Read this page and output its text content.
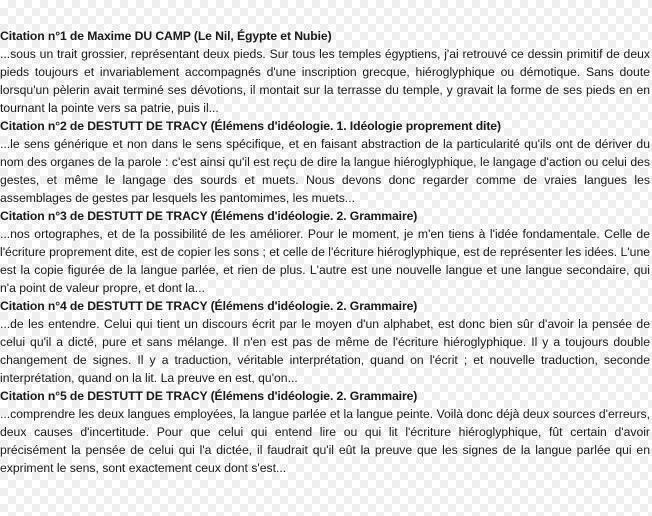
Citation n°1 de Maxime DU CAMP (Le Nil, Égypte et Nubie)
...sous un trait grossier, représentant deux pieds. Sur tous les temples égyptiens, j'ai retrouvé ce dessin primitif de deux pieds toujours et invariablement accompagnés d'une inscription grecque, hiéroglyphique ou démotique. Sans doute lorsqu'un pèlerin avait terminé ses dévotions, il montait sur la terrasse du temple, y gravait la forme de ses pieds en en tournant la pointe vers sa patrie, puis il...
Citation n°2 de DESTUTT DE TRACY (Élémens d'idéologie. 1. Idéologie proprement dite)
...le sens générique et non dans le sens spécifique, et en faisant abstraction de la particularité qu'ils ont de dériver du nom des organes de la parole : c'est ainsi qu'il est reçu de dire la langue hiéroglyphique, le langage d'action ou celui des gestes, et même le langage des sourds et muets. Nous devons donc regarder comme de vraies langues les assemblages de gestes par lesquels les pantomimes, les muets...
Citation n°3 de DESTUTT DE TRACY (Élémens d'idéologie. 2. Grammaire)
...nos ortographes, et de la possibilité de les améliorer. Pour le moment, je m'en tiens à l'idée fondamentale. Celle de l'écriture proprement dite, est de copier les sons ; et celle de l'écriture hiéroglyphique, est de représenter les idées. L'une est la copie figurée de la langue parlée, et rien de plus. L'autre est une nouvelle langue et une langue secondaire, qui n'a point de valeur propre, et dont la...
Citation n°4 de DESTUTT DE TRACY (Élémens d'idéologie. 2. Grammaire)
...de les entendre. Celui qui tient un discours écrit par le moyen d'un alphabet, est donc bien sûr d'avoir la pensée de celui qu'il a dicté, pure et sans mélange. Il n'en est pas de même de l'écriture hiéroglyphique. Il y a toujours double changement de signes. Il y a traduction, véritable interprétation, quand on l'écrit ; et nouvelle traduction, seconde interprétation, quand on la lit. La preuve en est, qu'on...
Citation n°5 de DESTUTT DE TRACY (Élémens d'idéologie. 2. Grammaire)
...comprendre les deux langues employées, la langue parlée et la langue peinte. Voilà donc déjà deux sources d'erreurs, deux causes d'incertitude. Pour que celui qui entend lire ou qui lit l'écriture hiéroglyphique, fût certain d'avoir précisément la pensée de celui qui l'a dictée, il faudrait qu'il eût la preuve que les signes de la langue parlée qui en expriment le sens, sont exactement ceux dont s'est...
